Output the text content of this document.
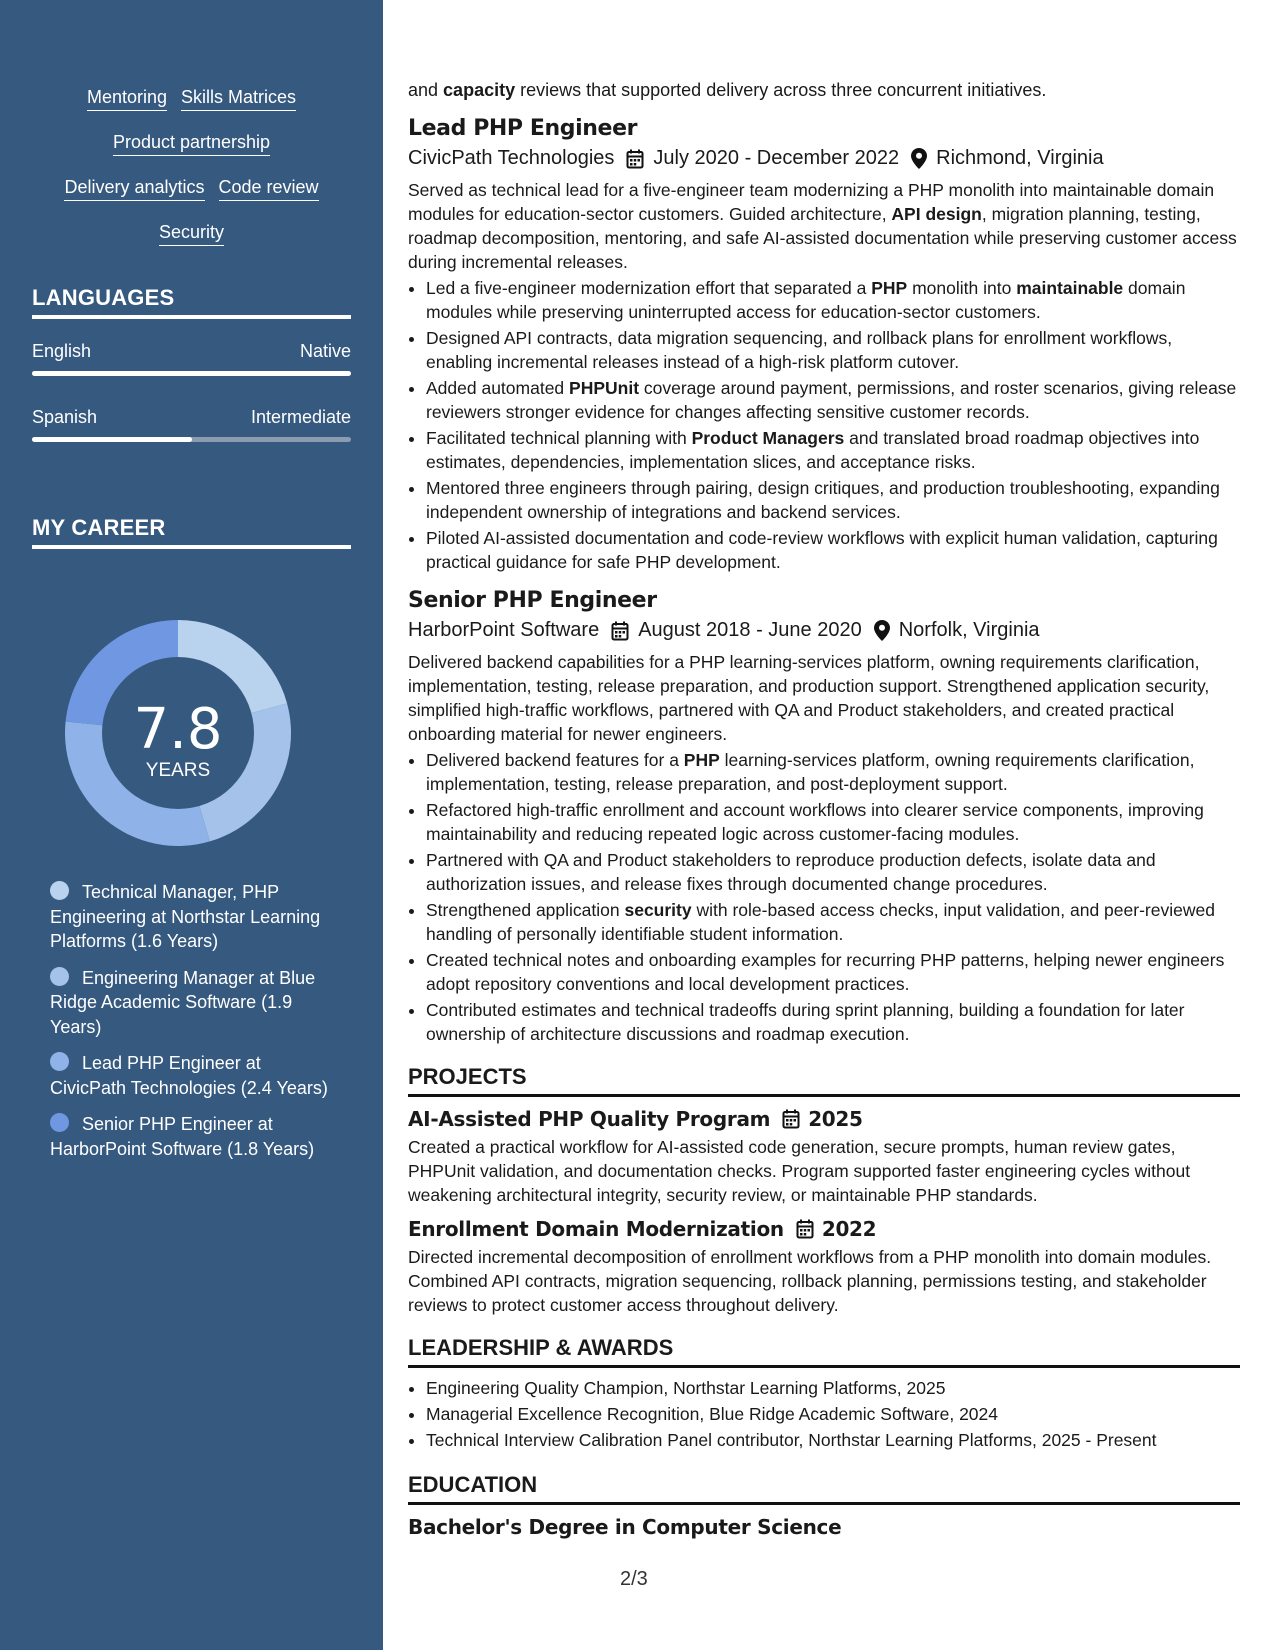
Mentoring Skills Matrices
Product partnership
Delivery analytics Code review
Security
LANGUAGES
English	Native
Spanish	Intermediate
MY CAREER
7.8
YEARS
Technical Manager, PHP Engineering at Northstar Learning Platforms (1.6 Years)
Engineering Manager at Blue Ridge Academic Software (1.9 Years)
Lead PHP Engineer at CivicPath Technologies (2.4 Years)
Senior PHP Engineer at HarborPoint Software (1.8 Years)
and capacity reviews that supported delivery across three concurrent initiatives.
Lead PHP Engineer
CivicPath Technologies July 2020 - December 2022 Richmond, Virginia
Served as technical lead for a five-engineer team modernizing a PHP monolith into maintainable domain modules for education-sector customers. Guided architecture, API design, migration planning, testing, roadmap decomposition, mentoring, and safe AI-assisted documentation while preserving customer access during incremental releases.
• Led a five-engineer modernization effort that separated a PHP monolith into maintainable domain modules while preserving uninterrupted access for education-sector customers.
• Designed API contracts, data migration sequencing, and rollback plans for enrollment workflows, enabling incremental releases instead of a high-risk platform cutover.
• Added automated PHPUnit coverage around payment, permissions, and roster scenarios, giving release reviewers stronger evidence for changes affecting sensitive customer records.
• Facilitated technical planning with Product Managers and translated broad roadmap objectives into estimates, dependencies, implementation slices, and acceptance risks.
• Mentored three engineers through pairing, design critiques, and production troubleshooting, expanding independent ownership of integrations and backend services.
• Piloted AI-assisted documentation and code-review workflows with explicit human validation, capturing practical guidance for safe PHP development.
Senior PHP Engineer
HarborPoint Software August 2018 - June 2020 Norfolk, Virginia
Delivered backend capabilities for a PHP learning-services platform, owning requirements clarification, implementation, testing, release preparation, and production support. Strengthened application security, simplified high-traffic workflows, partnered with QA and Product stakeholders, and created practical onboarding material for newer engineers.
• Delivered backend features for a PHP learning-services platform, owning requirements clarification, implementation, testing, release preparation, and post-deployment support.
• Refactored high-traffic enrollment and account workflows into clearer service components, improving maintainability and reducing repeated logic across customer-facing modules.
• Partnered with QA and Product stakeholders to reproduce production defects, isolate data and authorization issues, and release fixes through documented change procedures.
• Strengthened application security with role-based access checks, input validation, and peer-reviewed handling of personally identifiable student information.
• Created technical notes and onboarding examples for recurring PHP patterns, helping newer engineers adopt repository conventions and local development practices.
• Contributed estimates and technical tradeoffs during sprint planning, building a foundation for later ownership of architecture discussions and roadmap execution.
PROJECTS
AI-Assisted PHP Quality Program 2025
Created a practical workflow for AI-assisted code generation, secure prompts, human review gates, PHPUnit validation, and documentation checks. Program supported faster engineering cycles without weakening architectural integrity, security review, or maintainable PHP standards.
Enrollment Domain Modernization 2022
Directed incremental decomposition of enrollment workflows from a PHP monolith into domain modules. Combined API contracts, migration sequencing, rollback planning, permissions testing, and stakeholder reviews to protect customer access throughout delivery.
LEADERSHIP & AWARDS
• Engineering Quality Champion, Northstar Learning Platforms, 2025
• Managerial Excellence Recognition, Blue Ridge Academic Software, 2024
• Technical Interview Calibration Panel contributor, Northstar Learning Platforms, 2025 - Present
EDUCATION
Bachelor's Degree in Computer Science
2/3
